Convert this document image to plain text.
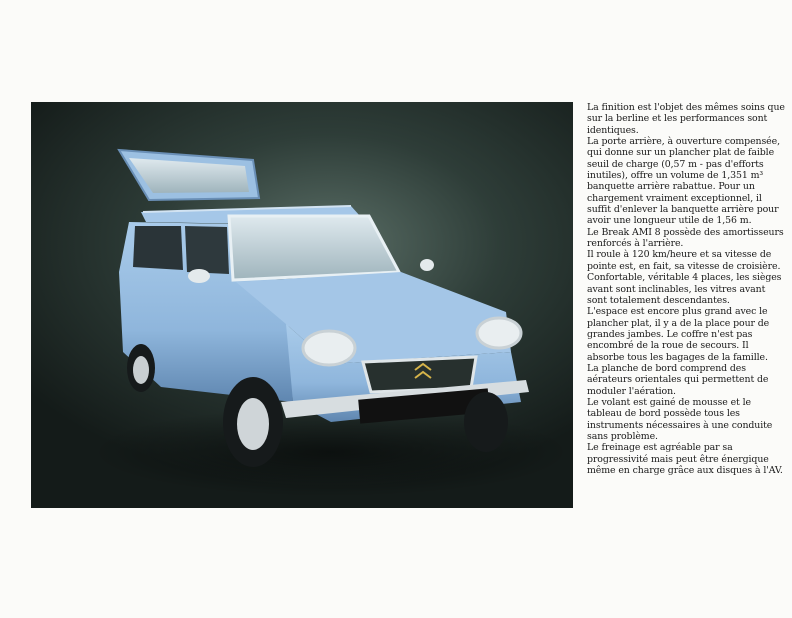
La finition est l'objet des mêmes soins que sur la berline et les performances sont identiques.

La porte arrière, à ouverture compensée, qui donne sur un plancher plat de faible seuil de charge (0,57 m - pas d'efforts inutiles), offre un volume de 1,351 m³ banquette arrière rabattue. Pour un chargement vraiment exceptionnel, il suffit d'enlever la banquette arrière pour avoir une longueur utile de 1,56 m.

Le Break AMI 8 possède des amortisseurs renforcés à l'arrière.

Il roule à 120 km/heure et sa vitesse de pointe est, en fait, sa vitesse de croisière.

Confortable, véritable 4 places, les sièges avant sont inclinables, les vitres avant sont totalement descendantes.

L'espace est encore plus grand avec le plancher plat, il y a de la place pour de grandes jambes. Le coffre n'est pas encombré de la roue de secours. Il absorbe tous les bagages de la famille.

La planche de bord comprend des aérateurs orientales qui permettent de moduler l'aération.

Le volant est gainé de mousse et le tableau de bord possède tous les instruments nécessaires à une conduite sans problème.

Le freinage est agréable par sa progressivité mais peut être énergique même en charge grâce aux disques à l'AV.
